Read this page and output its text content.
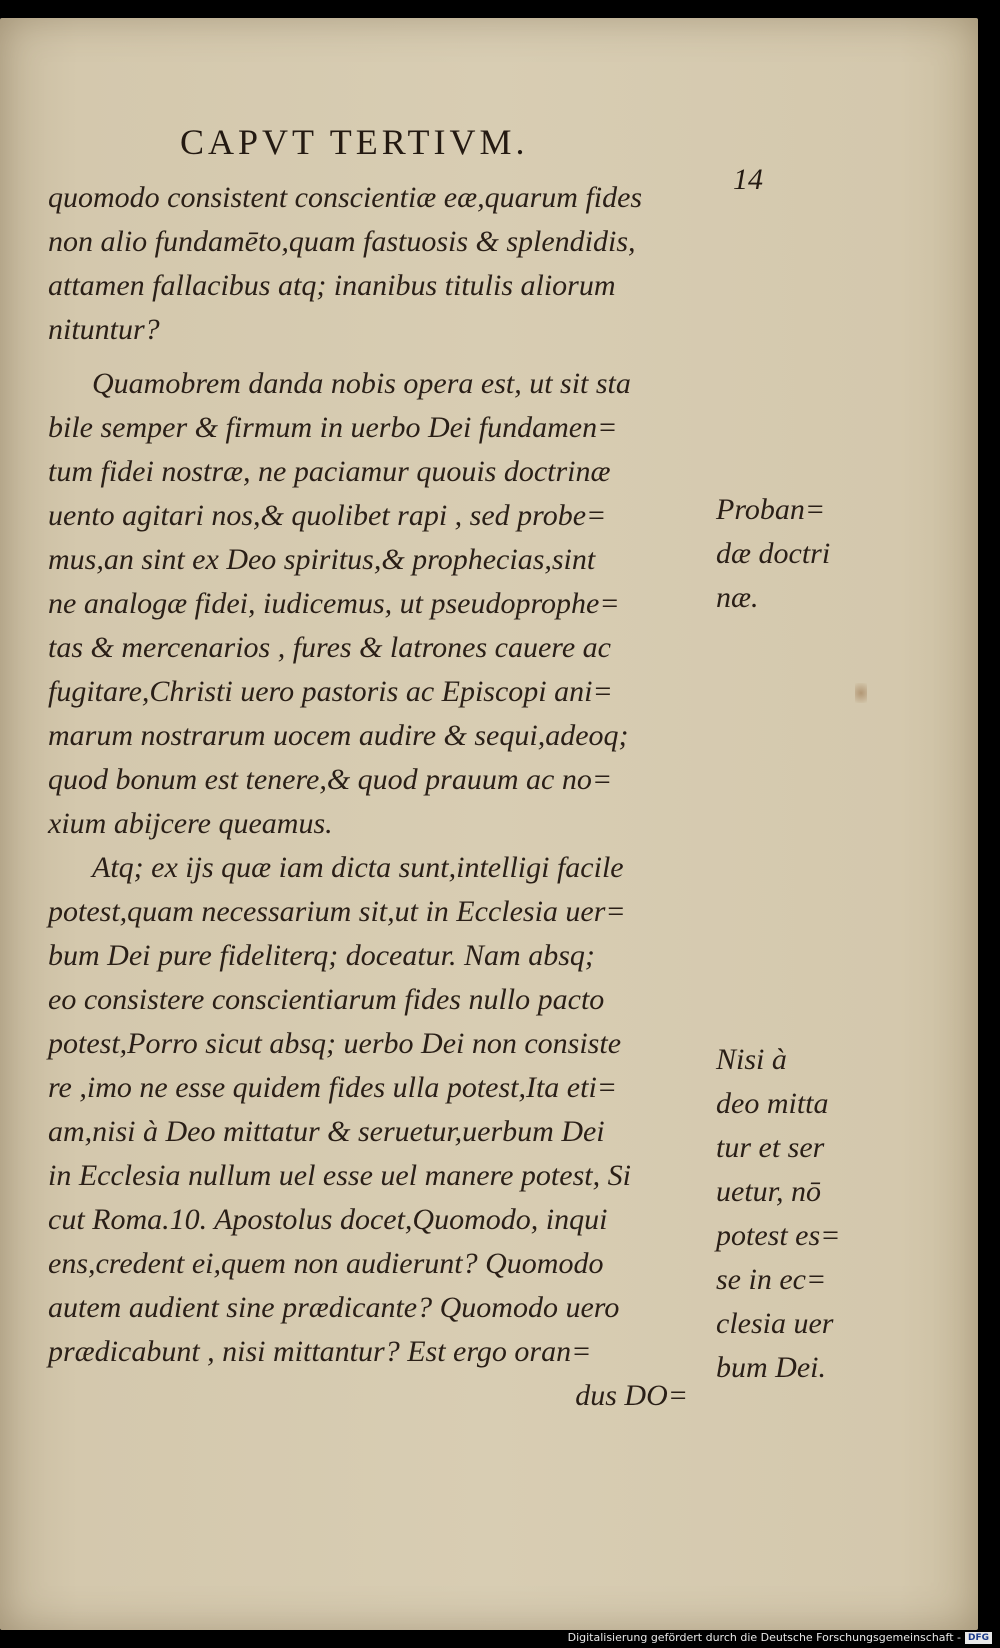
CAPVT TERTIVM.
14
quomodo consistent conscientiæ eæ,quarum fides
non alio fundamēto,quam fastuosis & splendidis,
attamen fallacibus atq; inanibus titulis aliorum
nituntur?
Quamobrem danda nobis opera est, ut sit sta
bile semper & firmum in uerbo Dei fundamen=
tum fidei nostræ, ne paciamur quouis doctrinæ
uento agitari nos,& quolibet rapi , sed probe=
mus,an sint ex Deo spiritus,& prophecias,sint
ne analogæ fidei, iudicemus, ut pseudoprophe=
tas & mercenarios , fures & latrones cauere ac
fugitare,Christi uero pastoris ac Episcopi ani=
marum nostrarum uocem audire & sequi,adeoq;
quod bonum est tenere,& quod prauum ac no=
xium abijcere queamus.
Atq; ex ijs quæ iam dicta sunt,intelligi facile
potest,quam necessarium sit,ut in Ecclesia uer=
bum Dei pure fideliterq; doceatur. Nam absq;
eo consistere conscientiarum fides nullo pacto
potest,Porro sicut absq; uerbo Dei non consiste
re ,imo ne esse quidem fides ulla potest,Ita eti=
am,nisi à Deo mittatur & seruetur,uerbum Dei
in Ecclesia nullum uel esse uel manere potest, Si
cut Roma.10. Apostolus docet,Quomodo, inqui
ens,credent ei,quem non audierunt? Quomodo
autem audient sine prædicante? Quomodo uero
prædicabunt , nisi mittantur? Est ergo oran=
dus DO=
Proban=
dæ doctri
næ.
Nisi à
deo mitta
tur et ser
uetur, nō
potest es=
se in ec=
clesia uer
bum Dei.
Digitalisierung gefördert durch die Deutsche Forschungsgemeinschaft - DFG
